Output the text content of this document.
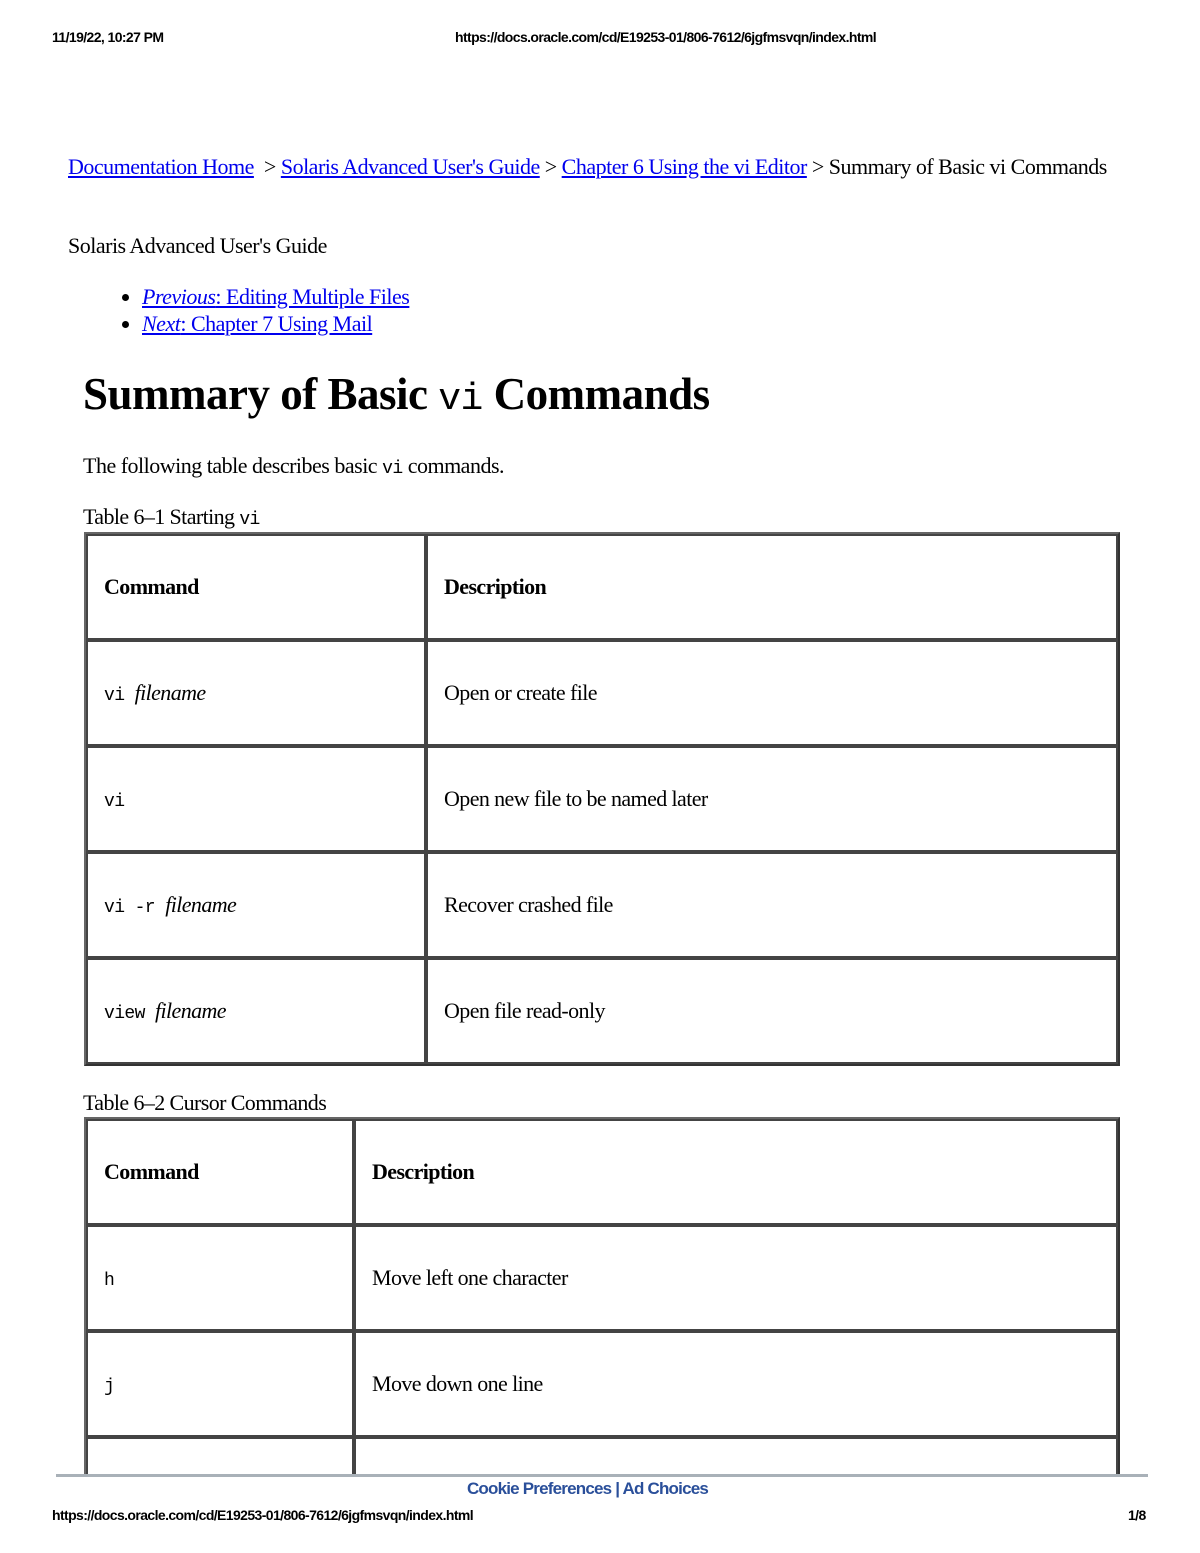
11/19/22, 10:27 PM	https://docs.oracle.com/cd/E19253-01/806-7612/6jgfmsvqn/index.html
Documentation Home > Solaris Advanced User's Guide > Chapter 6 Using the vi Editor > Summary of Basic vi Commands
Solaris Advanced User's Guide
• Previous: Editing Multiple Files
• Next: Chapter 7 Using Mail
Summary of Basic vi Commands
The following table describes basic vi commands.
Table 6–1 Starting vi
Command	Description
vi filename	Open or create file
vi	Open new file to be named later
vi -r filename	Recover crashed file
view filename	Open file read-only
Table 6–2 Cursor Commands
Command	Description
h	Move left one character
j	Move down one line

Cookie Preferences | Ad Choices
https://docs.oracle.com/cd/E19253-01/806-7612/6jgfmsvqn/index.html	1/8
